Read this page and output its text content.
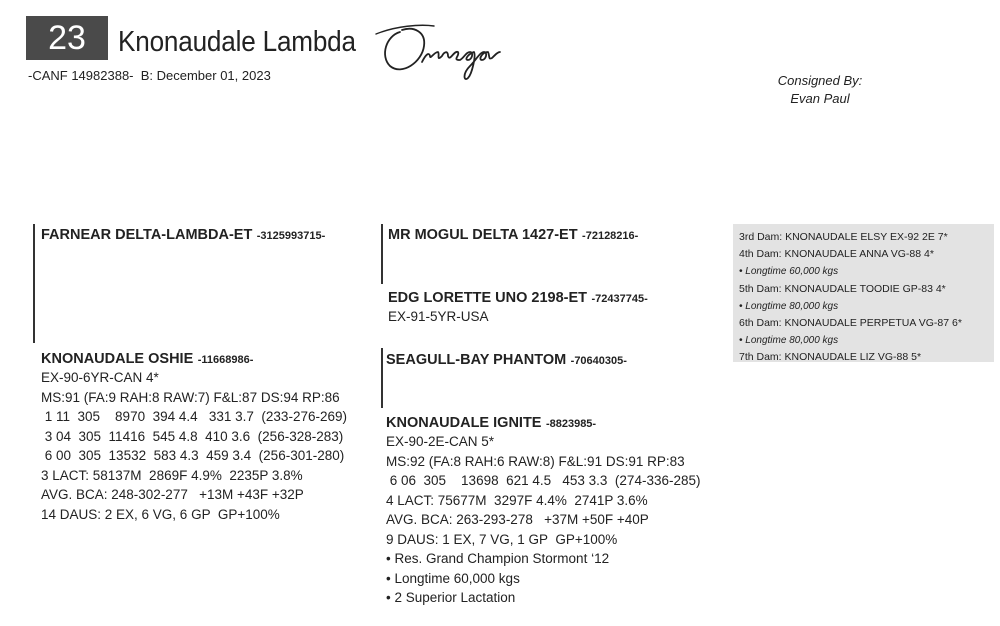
23	Knonaudale Lambda
-CANF 14982388- B: December 01, 2023	Consigned By:
Evan Paul
FARNEAR DELTA-LAMBDA-ET -3125993715-	MR MOGUL DELTA 1427-ET -72128216-
EDG LORETTE UNO 2198-ET -72437745-
EX-91-5YR-USA
KNONAUDALE OSHIE -11668986-
EX-90-6YR-CAN 4*
MS:91 (FA:9 RAH:8 RAW:7) F&L:87 DS:94 RP:86
1 11  305    8970  394 4.4   331 3.7  (233-276-269)
3 04  305  11416  545 4.8  410 3.6  (256-328-283)
6 00  305  13532  583 4.3  459 3.4  (256-301-280)
3 LACT: 58137M  2869F 4.9%  2235P 3.8%
AVG. BCA: 248-302-277   +13M +43F +32P
14 DAUS: 2 EX, 6 VG, 6 GP  GP+100%
SEAGULL-BAY PHANTOM -70640305-
KNONAUDALE IGNITE -8823985-
EX-90-2E-CAN 5*
MS:92 (FA:8 RAH:6 RAW:8) F&L:91 DS:91 RP:83
6 06  305    13698  621 4.5   453 3.3  (274-336-285)
4 LACT: 75677M  3297F 4.4%  2741P 3.6%
AVG. BCA: 263-293-278   +37M +50F +40P
9 DAUS: 1 EX, 7 VG, 1 GP  GP+100%
• Res. Grand Champion Stormont ‘12
• Longtime 60,000 kgs
• 2 Superior Lactation
3rd Dam: KNONAUDALE ELSY EX-92 2E 7*
4th Dam: KNONAUDALE ANNA VG-88 4*
• Longtime 60,000 kgs
5th Dam: KNONAUDALE TOODIE GP-83 4*
• Longtime 80,000 kgs
6th Dam: KNONAUDALE PERPETUA VG-87 6*
• Longtime 80,000 kgs
7th Dam: KNONAUDALE LIZ VG-88 5*
